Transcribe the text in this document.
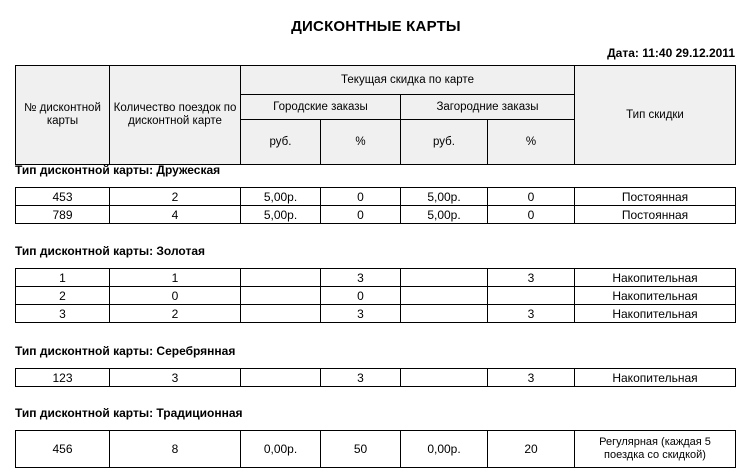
ДИСКОНТНЫЕ КАРТЫ
Дата: 11:40 29.12.2011
№ дисконтной карты	Количество поездок по дисконтной карте	Текущая скидка по карте				Тип скидки
		Городские заказы		Загородние заказы		
		руб.	%	руб.	%	
Тип дисконтной карты: Дружеская
453	2	5,00р.	0	5,00р.	0	Постоянная
789	4	5,00р.	0	5,00р.	0	Постоянная
Тип дисконтной карты: Золотая
1	1		3		3	Накопительная
2	0		0			Накопительная
3	2		3		3	Накопительная
Тип дисконтной карты: Серебрянная
123	3		3		3	Накопительная
Тип дисконтной карты: Традиционная
456	8	0,00р.	50	0,00р.	20	Регулярная (каждая 5 поездка со скидкой)
